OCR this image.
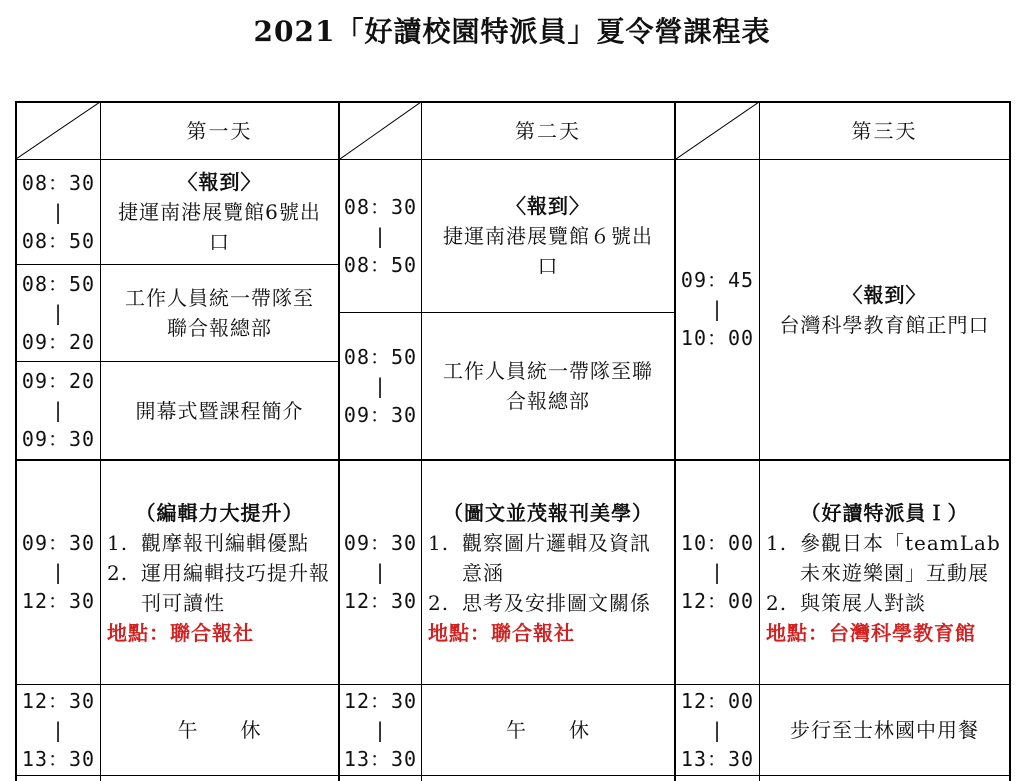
2021「好讀校園特派員」夏令營課程表
第一天	第二天	第三天
08：30
|
08：50
〈報到〉
捷運南港展覽館6號出
口
08：50
|
09：20
工作人員統一帶隊至
聯合報總部
09：20
|
09：30
開幕式暨課程簡介
09：30
|
12：30
（編輯力大提升）
1. 觀摩報刊編輯優點
2. 運用編輯技巧提升報刊可讀性
地點：聯合報社
12：30
|
13：30
午　　休
08：30
|
08：50
〈報到〉
捷運南港展覽館６號出
口
08：50
|
09：30
工作人員統一帶隊至聯
合報總部
09：30
|
12：30
（圖文並茂報刊美學）
1. 觀察圖片邏輯及資訊意涵
2. 思考及安排圖文關係
地點：聯合報社
12：30
|
13：30
午　　休
09：45
|
10：00
〈報到〉
台灣科學教育館正門口
10：00
|
12：00
（好讀特派員Ｉ）
1. 參觀日本「teamLab未來遊樂園」互動展
2. 與策展人對談
地點：台灣科學教育館
12：00
|
13：30
步行至士林國中用餐
